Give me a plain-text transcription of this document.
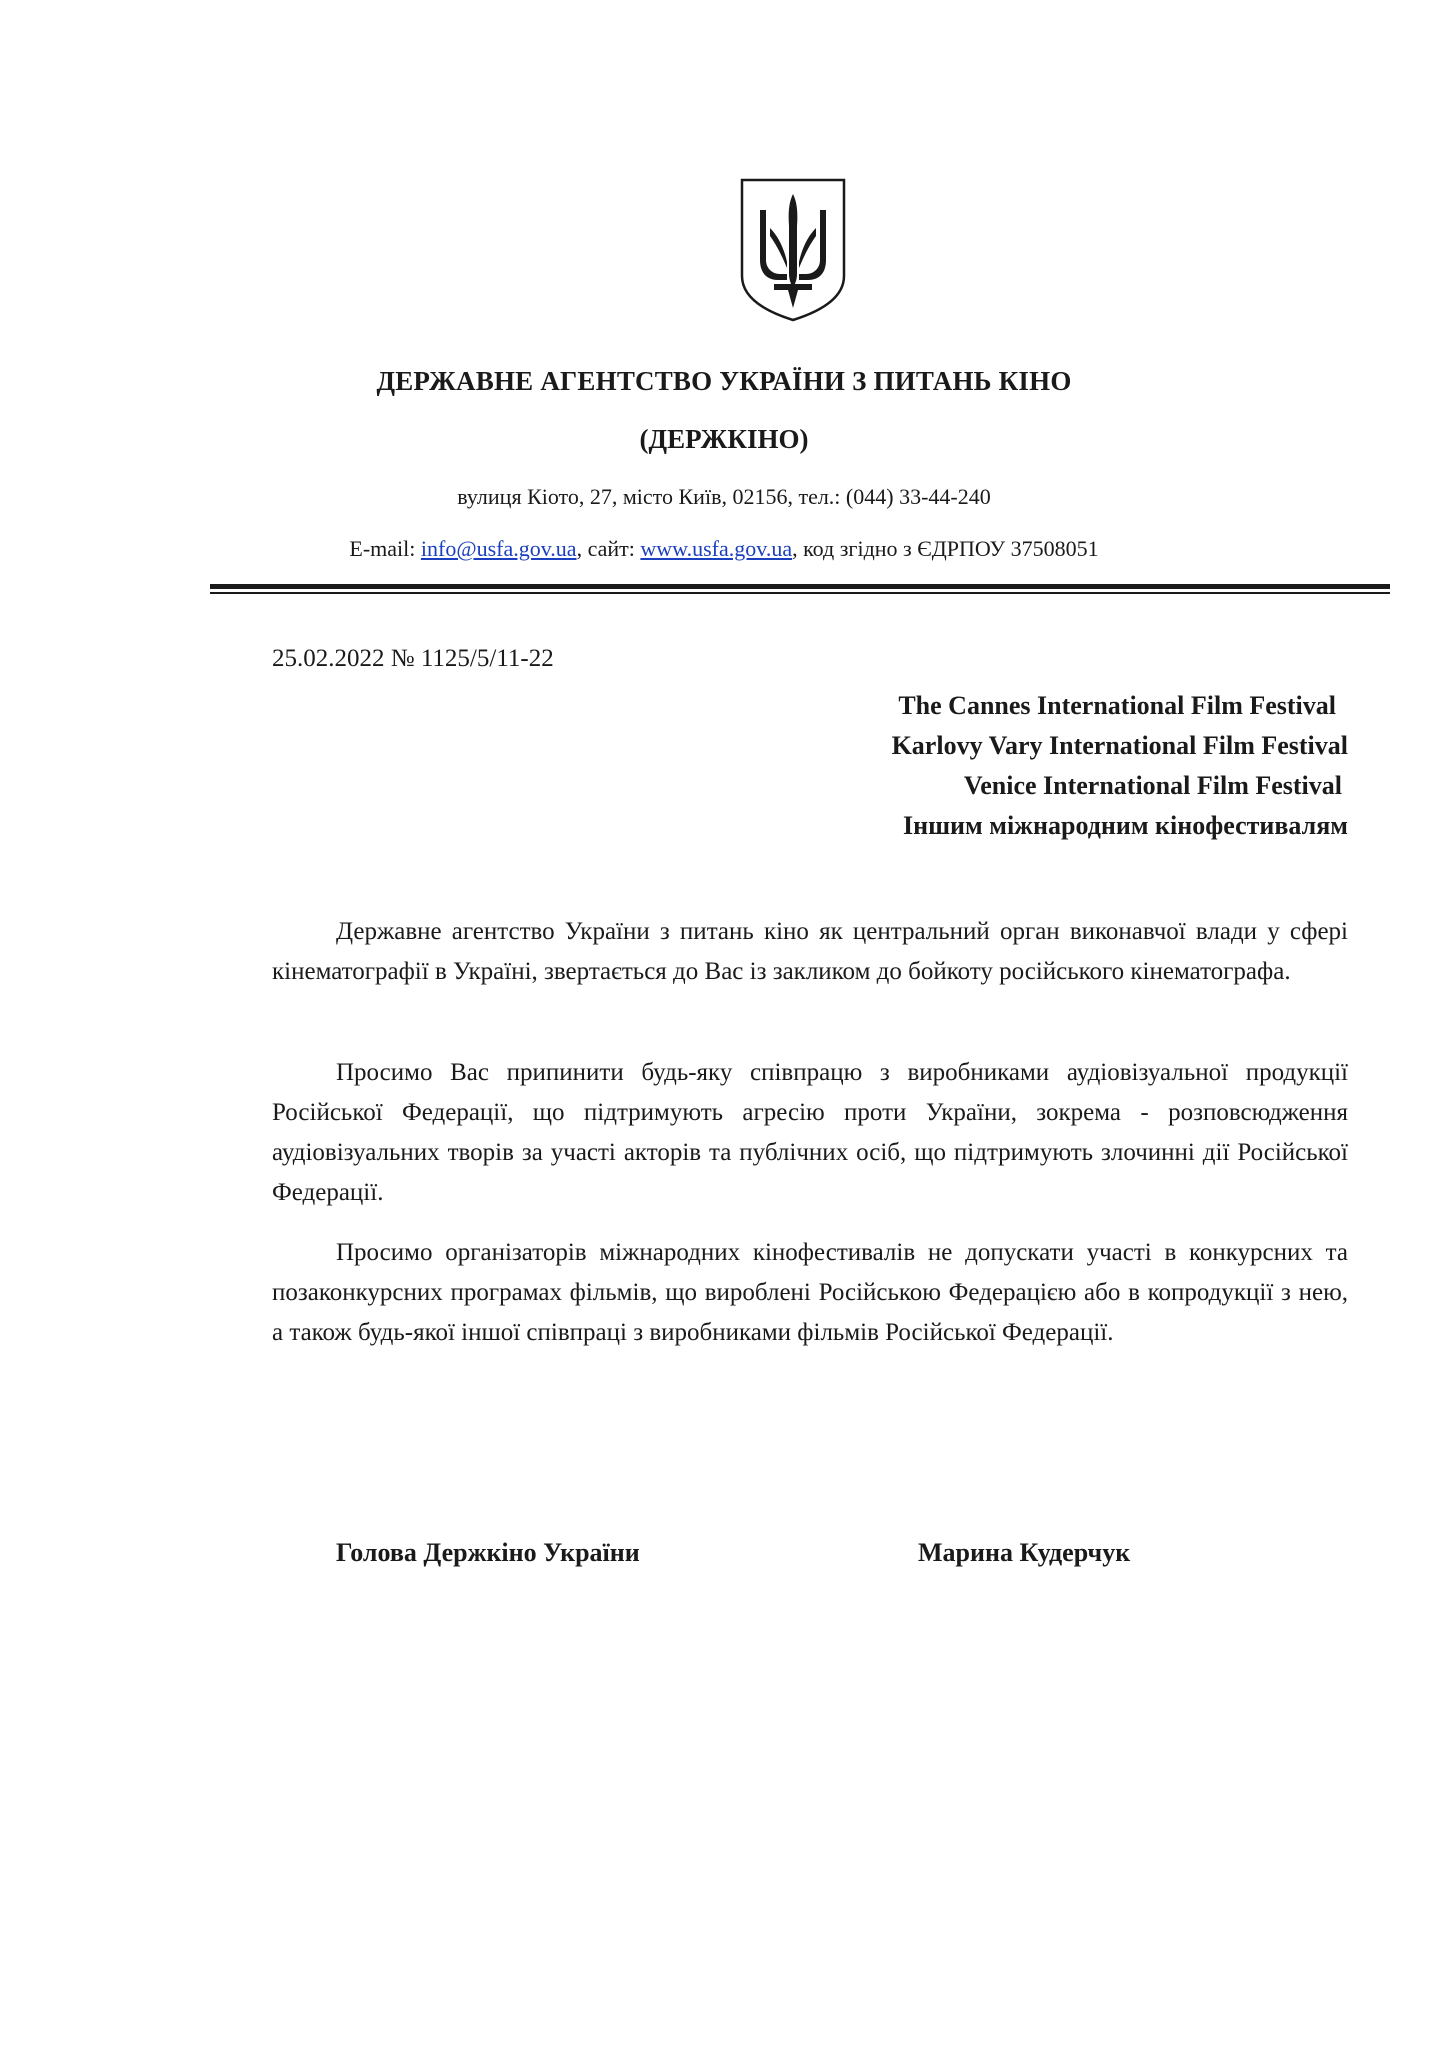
ДЕРЖАВНЕ АГЕНТСТВО УКРАЇНИ З ПИТАНЬ КІНО
(ДЕРЖКІНО)
вулиця Кіото, 27, місто Київ, 02156, тел.: (044) 33-44-240
E-mail: info@usfa.gov.ua, сайт: www.usfa.gov.ua, код згідно з ЄДРПОУ 37508051
25.02.2022 № 1125/5/11-22
The Cannes International Film Festival
Karlovy Vary International Film Festival
Venice International Film Festival
Іншим міжнародним кінофестивалям

Державне агентство України з питань кіно як центральний орган виконавчої влади у сфері кінематографії в Україні, звертається до Вас із закликом до бойкоту російського кінематографа.

Просимо Вас припинити будь-яку співпрацю з виробниками аудіовізуальної продукції Російської Федерації, що підтримують агресію проти України, зокрема - розповсюдження аудіовізуальних творів за участі акторів та публічних осіб, що підтримують злочинні дії Російської Федерації.

Просимо організаторів міжнародних кінофестивалів не допускати участі в конкурсних та позаконкурсних програмах фільмів, що вироблені Російською Федерацією або в копродукції з нею, а також будь-якої іншої співпраці з виробниками фільмів Російської Федерації.

Голова Держкіно України	Марина Кудерчук
